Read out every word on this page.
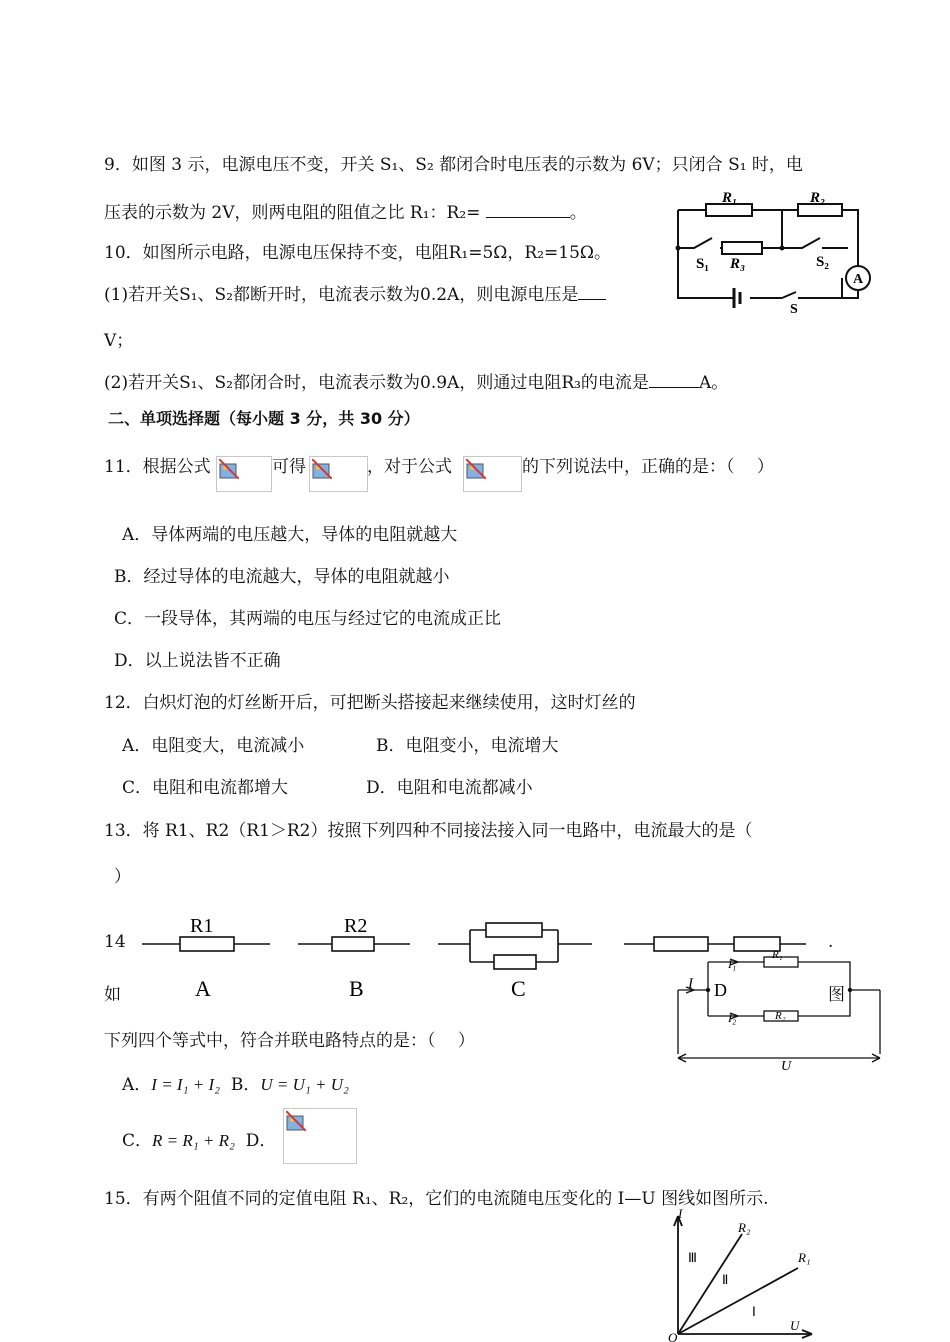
9．如图 3 示，电源电压不变，开关 S₁、S₂ 都闭合时电压表的示数为 6V；只闭合 S₁ 时，电
压表的示数为 2V，则两电阻的阻值之比 R₁：R₂=	。
10．如图所示电路，电源电压保持不变，电阻R₁=5Ω，R₂=15Ω。
(1)若开关S₁、S₂都断开时，电流表示数为0.2A，则电源电压是
V；
(2)若开关S₁、S₂都闭合时，电流表示数为0.9A，则通过电阻R₃的电流是	A。
R₁	R₂
R₃
S₁	S₂
A
S
二、单项选择题（每小题 3 分，共 30 分）
11．根据公式	可得	，对于公式	的下列说法中，正确的是：（　 ）
A．导体两端的电压越大，导体的电阻就越大
B．经过导体的电流越大，导体的电阻就越小
C．一段导体，其两端的电压与经过它的电流成正比
D．以上说法皆不正确
12．白炽灯泡的灯丝断开后，可把断头搭接起来继续使用，这时灯丝的
A．电阻变大，电流减小	B．电阻变小，电流增大
C．电阻和电流都增大	D．电阻和电流都减小
13．将 R1、R2（R1＞R2）按照下列四种不同接法接入同一电路中，电流最大的是（
）
R1	R2
A	B	C
14	.
如	图
下列四个等式中，符合并联电路特点的是：（　 ）
I
I₁
I₂
R₁
R₂
D
U
A．I = I₁ + I₂ B．U = U₁ + U₂
C．R = R₁ + R₂ D．
15．有两个阻值不同的定值电阻 R₁、R₂，它们的电流随电压变化的 I—U 图线如图所示.
I
U
O
R₂
R₁
Ⅲ
Ⅱ
Ⅰ
